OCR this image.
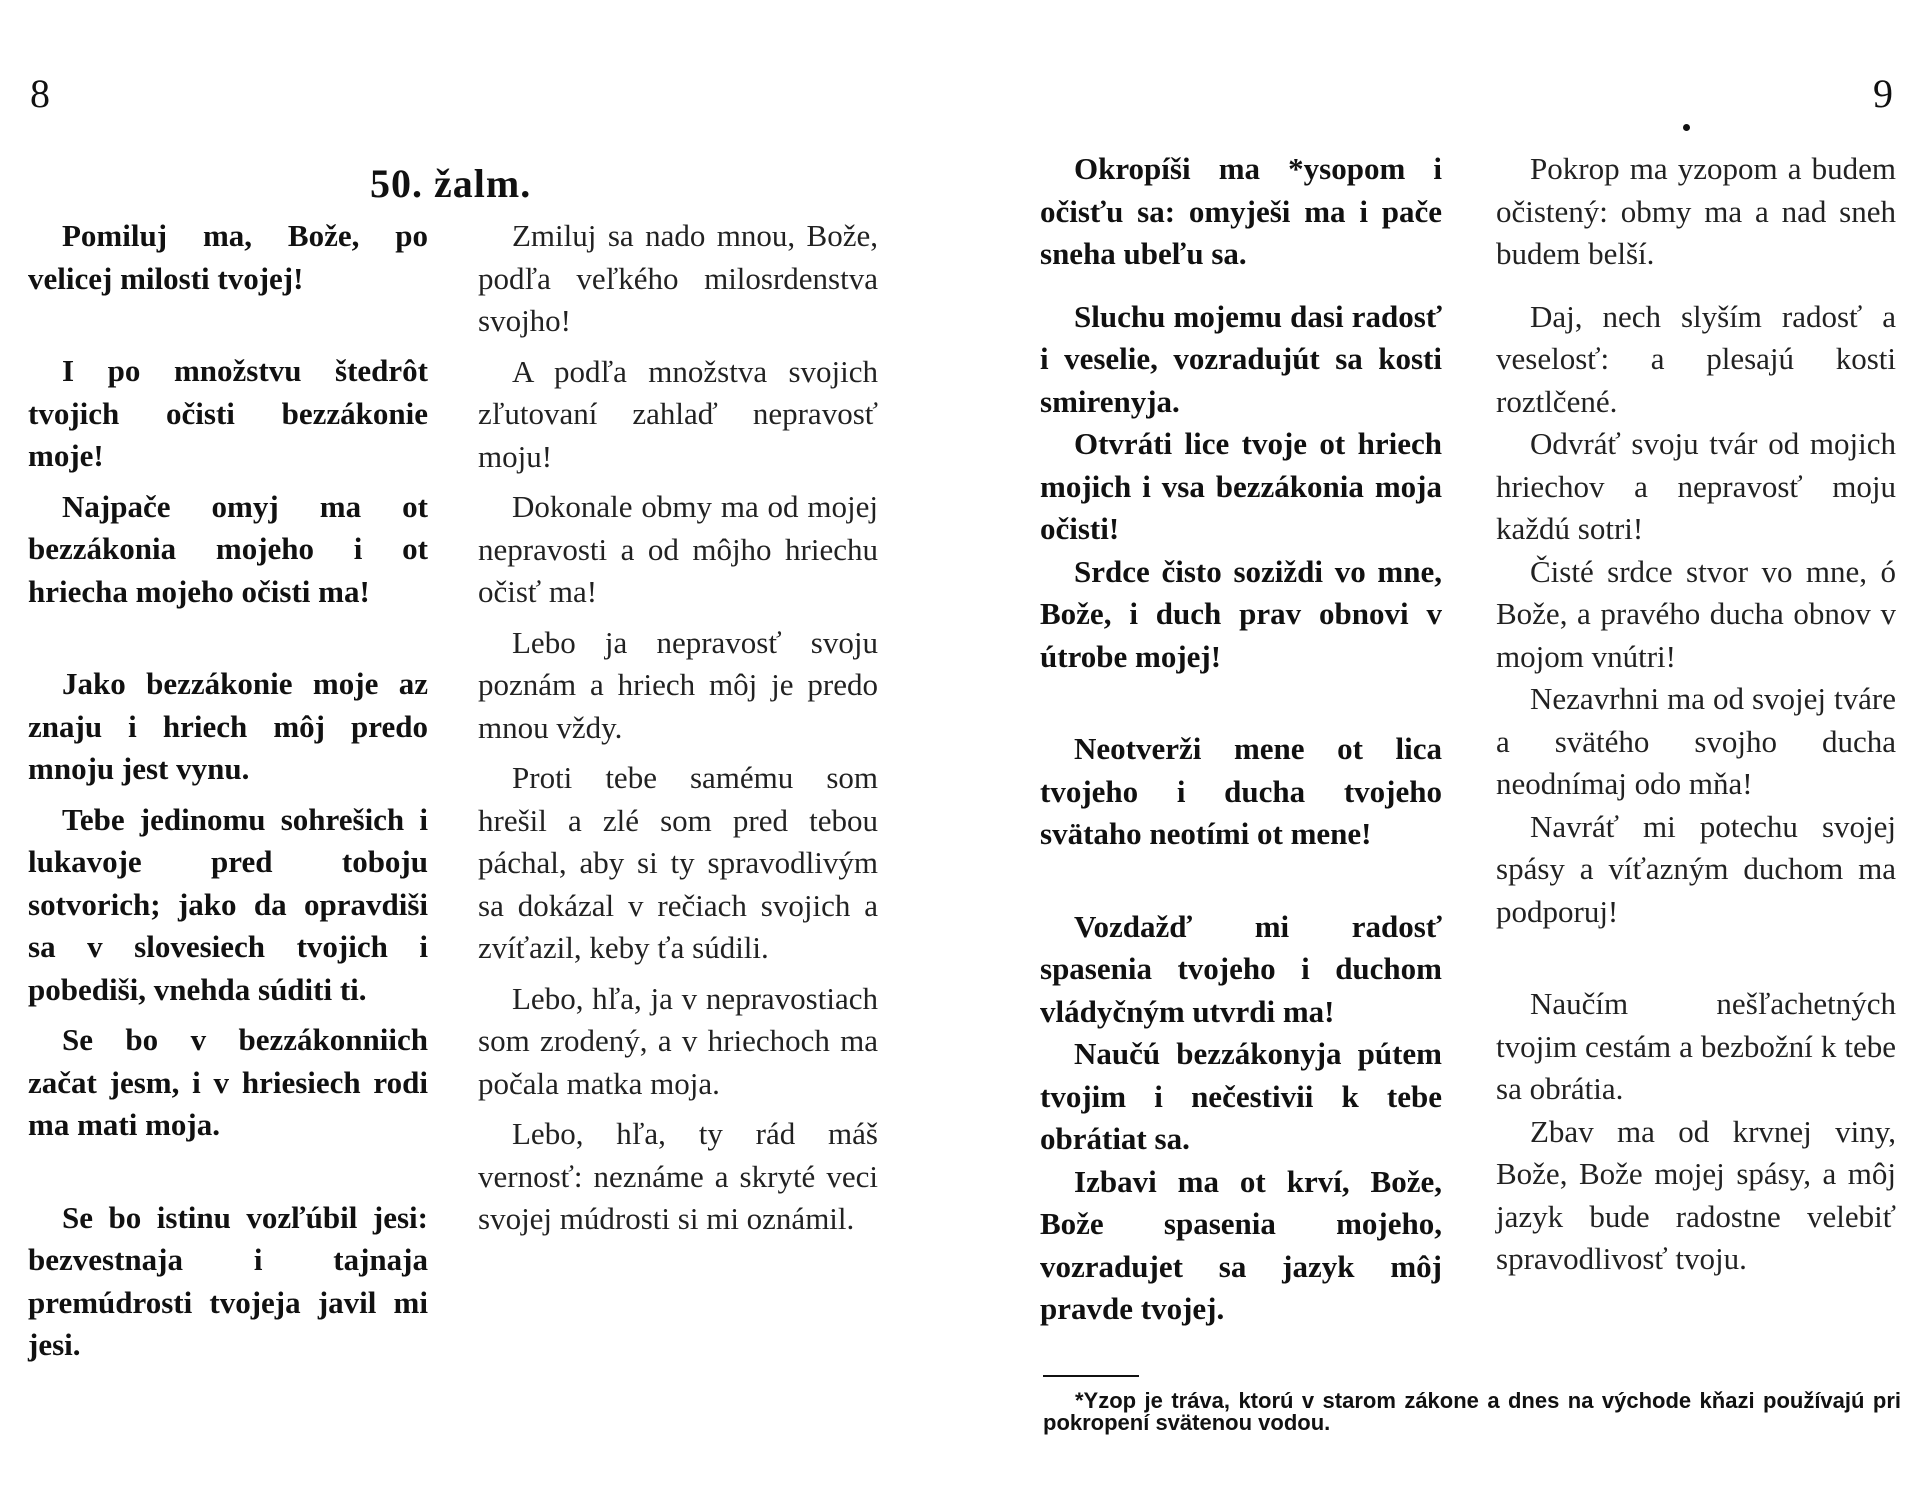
8	9
50. žalm.

Pomiluj ma, Bože, po velicej milosti tvojej!

I po množstvu štedrôt tvojich očisti bezzákonie moje!

Najpače omyj ma ot bezzákonia mojeho i ot hriecha mojeho očisti ma!

Jako bezzákonie moje az znaju i hriech môj predo mnoju jest vynu.

Tebe jedinomu sohrešich i lukavoje pred toboju sotvorich; jako da opravdiši sa v slovesiech tvojich i pobediši, vnehda súditi ti.

Se bo v bezzákonniich začat jesm, i v hriesiech rodi ma mati moja.

Se bo istinu vozľúbil jesi: bezvestnaja i tajnaja premúdrosti tvojeja javil mi jesi.

Zmiluj sa nado mnou, Bože, podľa veľkého milosrdenstva svojho!

A podľa množstva svojich zľutovaní zahlaď nepravosť moju!

Dokonale obmy ma od mojej nepravosti a od môjho hriechu očisť ma!

Lebo ja nepravosť svoju poznám a hriech môj je predo mnou vždy.

Proti tebe samému som hrešil a zlé som pred tebou páchal, aby si ty spravodlivým sa dokázal v rečiach svojich a zvíťazil, keby ťa súdili.

Lebo, hľa, ja v nepravostiach som zrodený, a v hriechoch ma počala matka moja.

Lebo, hľa, ty rád máš vernosť: neznáme a skryté veci svojej múdrosti si mi oznámil.

Okropíši ma *ysopom i očisťu sa: omyješi ma i pače sneha ubeľu sa.

Sluchu mojemu dasi radosť i veselie, vozradujút sa kosti smirenyja.

Otvráti lice tvoje ot hriech mojich i vsa bezzákonia moja očisti!

Srdce čisto soziždi vo mne, Bože, i duch prav obnovi v útrobe mojej!

Neotverži mene ot lica tvojeho i ducha tvojeho svätaho neotími ot mene!

Vozdažď mi radosť spasenia tvojeho i duchom vládyčným utvrdi ma!

Naučú bezzákonyja pútem tvojim i nečestivii k tebe obrátiat sa.

Izbavi ma ot krví, Bože, Bože spasenia mojeho, vozradujet sa jazyk môj pravde tvojej.

Pokrop ma yzopom a budem očistený: obmy ma a nad sneh budem belší.

Daj, nech slyším radosť a veselosť: a plesajú kosti roztlčené.

Odvráť svoju tvár od mojich hriechov a nepravosť moju každú sotri!

Čisté srdce stvor vo mne, ó Bože, a pravého ducha obnov v mojom vnútri!

Nezavrhni ma od svojej tváre a svätého svojho ducha neodnímaj odo mňa!

Navráť mi potechu svojej spásy a víťazným duchom ma podporuj!

Naučím nešľachetných tvojim cestám a bezbožní k tebe sa obrátia.

Zbav ma od krvnej viny, Bože, Bože mojej spásy, a môj jazyk bude radostne velebiť spravodlivosť tvoju.

*Yzop je tráva, ktorú v starom zákone a dnes na východe kňazi používajú pri pokropení svätenou vodou.
